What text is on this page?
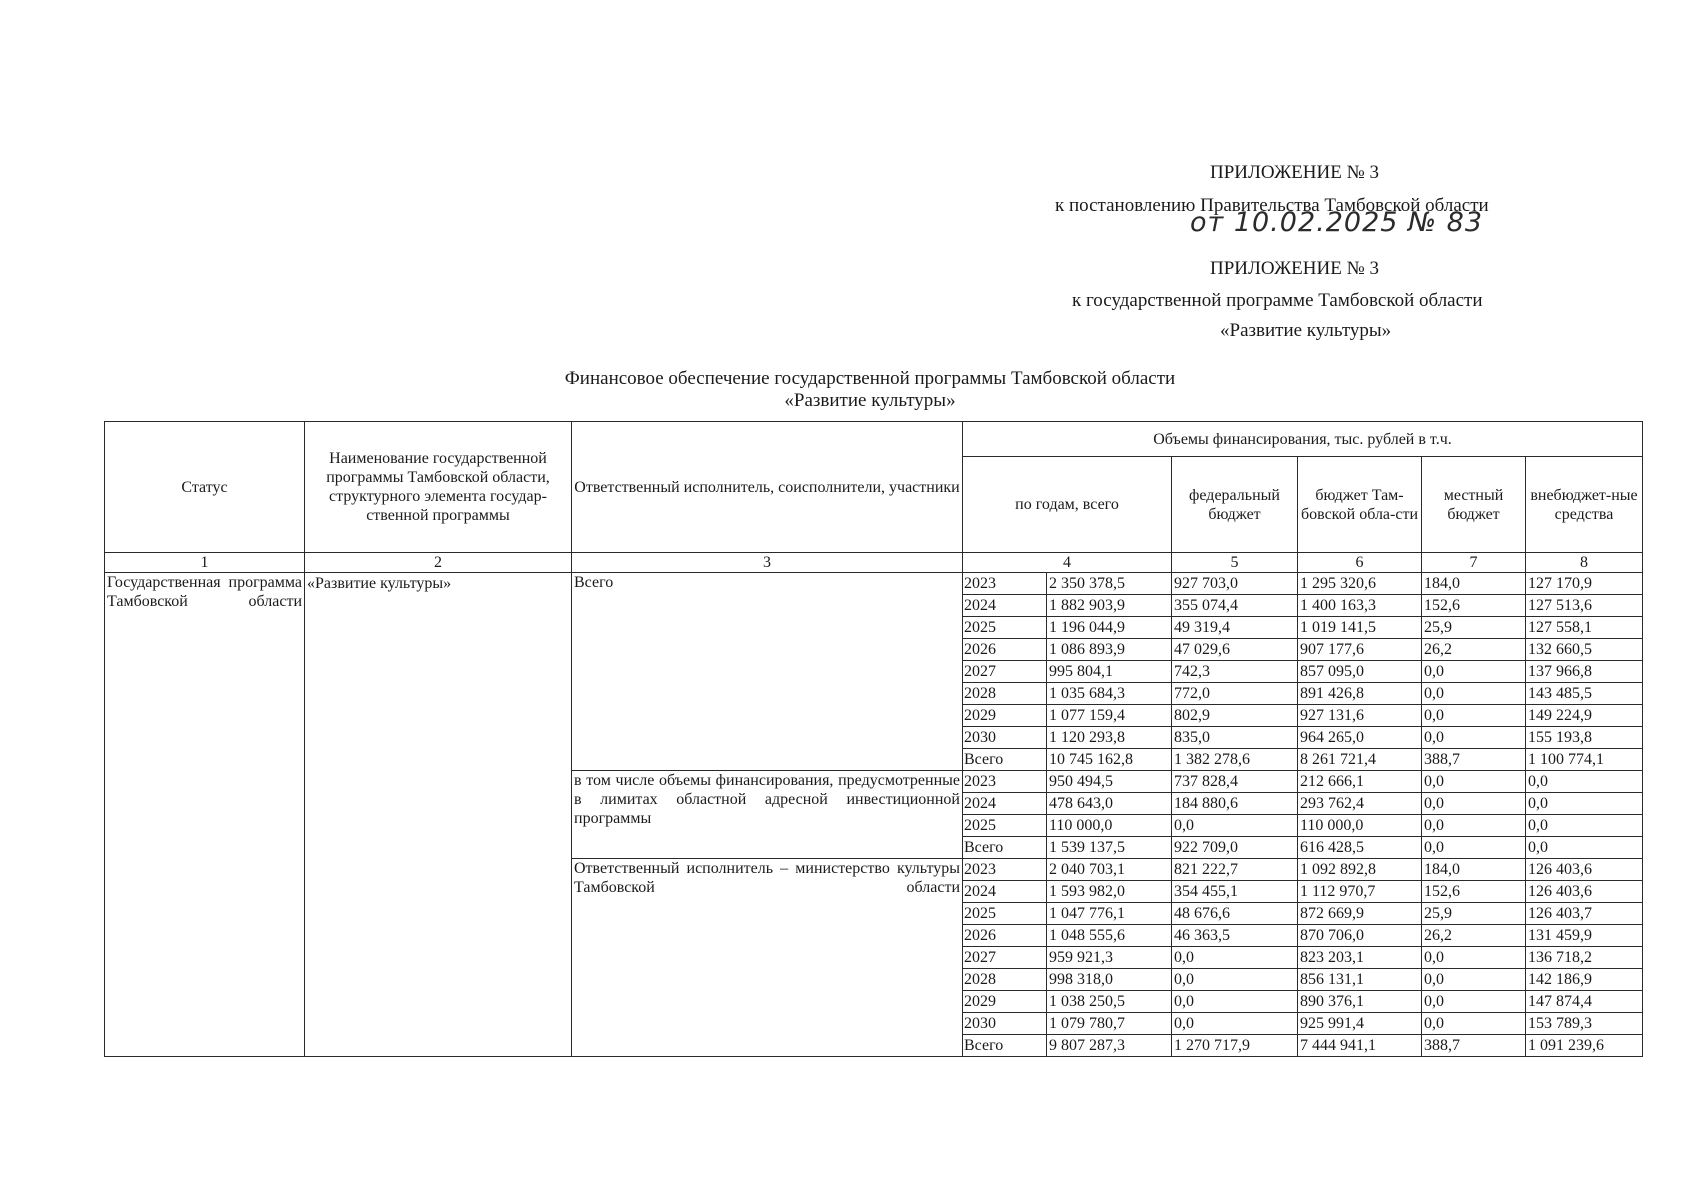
ПРИЛОЖЕНИЕ № 3
к постановлению Правительства Тамбовской области
от 10.02.2025 № 83
ПРИЛОЖЕНИЕ № 3
к государственной программе Тамбовской области
«Развитие культуры»
Финансовое обеспечение государственной программы Тамбовской области
«Развитие культуры»
Статус	Наименование государственной программы Тамбовской области, структурного элемента государ-ственной программы	Ответственный исполнитель, соисполнители, участники	Объемы финансирования, тыс. рублей в т.ч.					
			по годам, всего		федеральный бюджет	бюджет Там-бовской обла-сти	местный бюджет	внебюджет-ные средства
1	2	3	4		5	6	7	8
Государственная программа Тамбовской области	«Развитие культуры»	Всего	2023	2 350 378,5	927 703,0	1 295 320,6	184,0	127 170,9
			2024	1 882 903,9	355 074,4	1 400 163,3	152,6	127 513,6
			2025	1 196 044,9	49 319,4	1 019 141,5	25,9	127 558,1
			2026	1 086 893,9	47 029,6	907 177,6	26,2	132 660,5
			2027	995 804,1	742,3	857 095,0	0,0	137 966,8
			2028	1 035 684,3	772,0	891 426,8	0,0	143 485,5
			2029	1 077 159,4	802,9	927 131,6	0,0	149 224,9
			2030	1 120 293,8	835,0	964 265,0	0,0	155 193,8
			Всего	10 745 162,8	1 382 278,6	8 261 721,4	388,7	1 100 774,1
		в том числе объемы финансирования, предусмотренные в лимитах областной адресной инвестиционной программы	2023	950 494,5	737 828,4	212 666,1	0,0	0,0
			2024	478 643,0	184 880,6	293 762,4	0,0	0,0
			2025	110 000,0	0,0	110 000,0	0,0	0,0
			Всего	1 539 137,5	922 709,0	616 428,5	0,0	0,0
		Ответственный исполнитель – министерство культуры Тамбовской области	2023	2 040 703,1	821 222,7	1 092 892,8	184,0	126 403,6
			2024	1 593 982,0	354 455,1	1 112 970,7	152,6	126 403,6
			2025	1 047 776,1	48 676,6	872 669,9	25,9	126 403,7
			2026	1 048 555,6	46 363,5	870 706,0	26,2	131 459,9
			2027	959 921,3	0,0	823 203,1	0,0	136 718,2
			2028	998 318,0	0,0	856 131,1	0,0	142 186,9
			2029	1 038 250,5	0,0	890 376,1	0,0	147 874,4
			2030	1 079 780,7	0,0	925 991,4	0,0	153 789,3
			Всего	9 807 287,3	1 270 717,9	7 444 941,1	388,7	1 091 239,6
